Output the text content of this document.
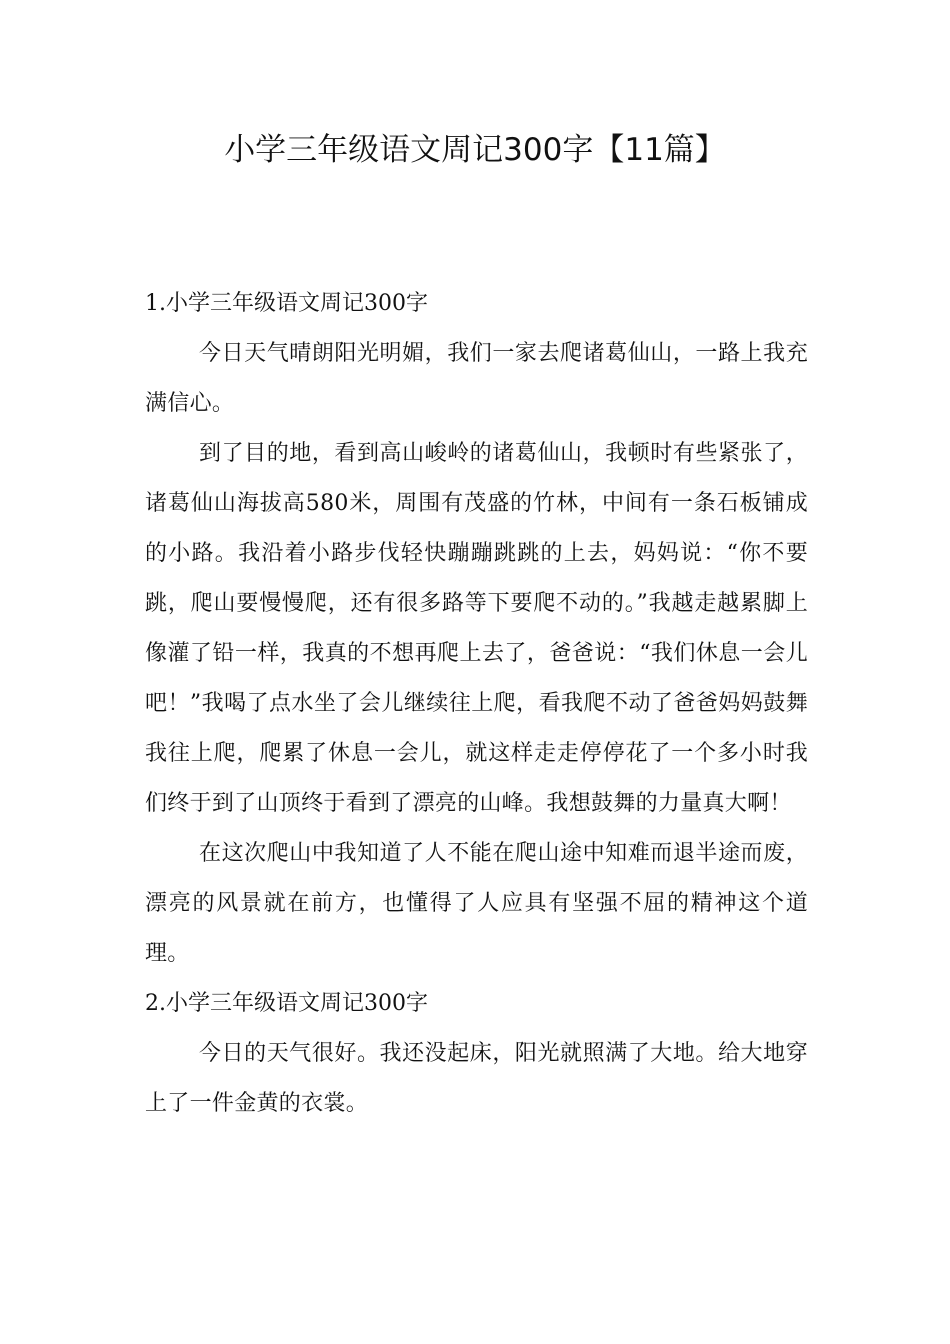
小学三年级语文周记300字【11篇】

1.小学三年级语文周记300字

今日天气晴朗阳光明媚，我们一家去爬诸葛仙山，一路上我充满信心。

到了目的地，看到高山峻岭的诸葛仙山，我顿时有些紧张了，诸葛仙山海拔高580米，周围有茂盛的竹林，中间有一条石板铺成的小路。我沿着小路步伐轻快蹦蹦跳跳的上去，妈妈说：“你不要跳，爬山要慢慢爬，还有很多路等下要爬不动的。”我越走越累脚上像灌了铅一样，我真的不想再爬上去了，爸爸说：“我们休息一会儿吧！”我喝了点水坐了会儿继续往上爬，看我爬不动了爸爸妈妈鼓舞我往上爬，爬累了休息一会儿，就这样走走停停花了一个多小时我们终于到了山顶终于看到了漂亮的山峰。我想鼓舞的力量真大啊！

在这次爬山中我知道了人不能在爬山途中知难而退半途而废，漂亮的风景就在前方，也懂得了人应具有坚强不屈的精神这个道理。

2.小学三年级语文周记300字

今日的天气很好。我还没起床，阳光就照满了大地。给大地穿上了一件金黄的衣裳。
